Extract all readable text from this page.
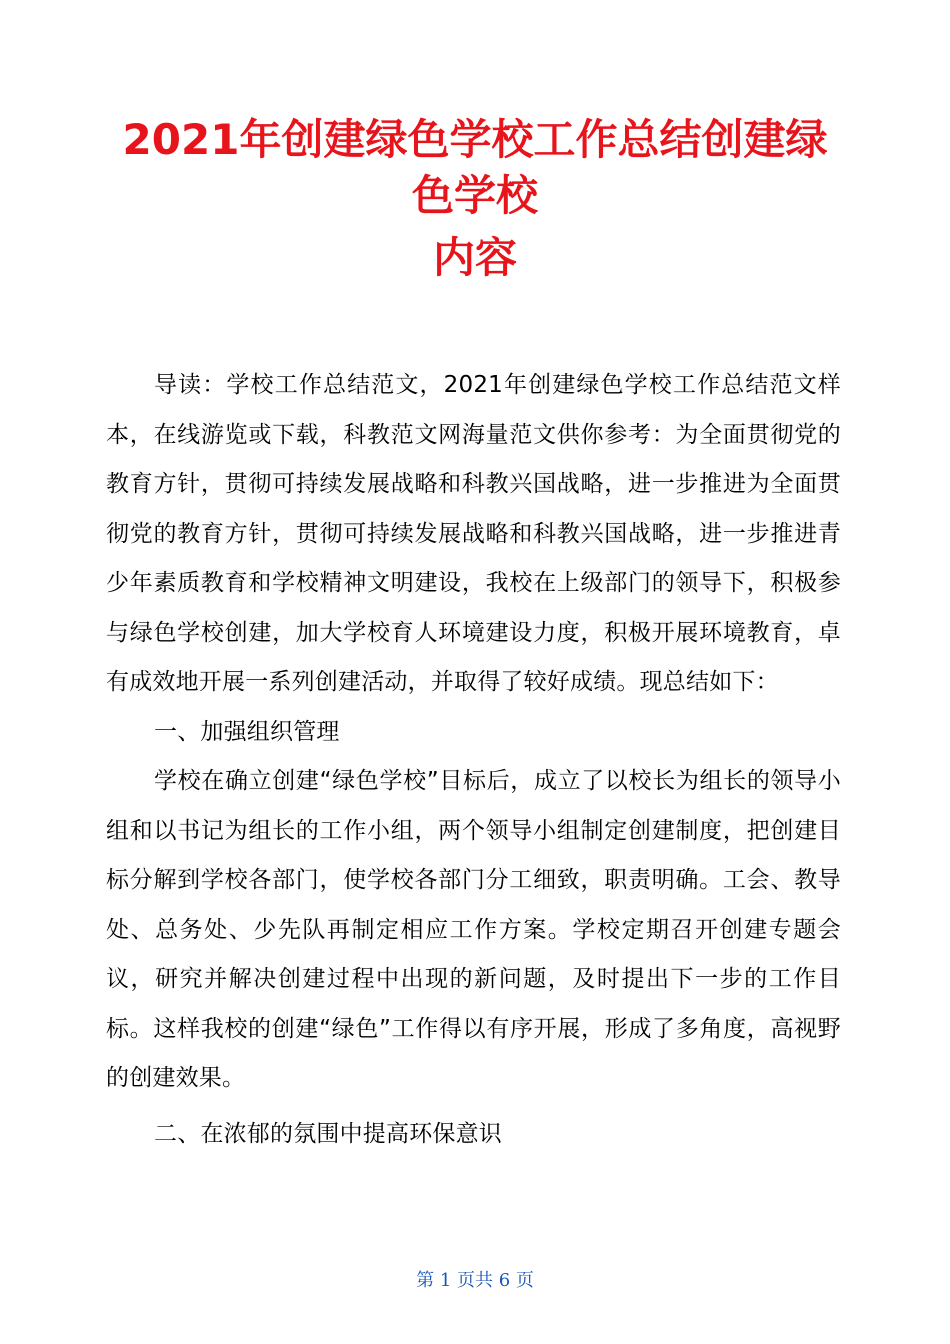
2021年创建绿色学校工作总结创建绿
色学校
内容

导读：学校工作总结范文，2021年创建绿色学校工作总结范文样本，在线游览或下载，科教范文网海量范文供你参考：为全面贯彻党的教育方针，贯彻可持续发展战略和科教兴国战略，进一步推进为全面贯彻党的教育方针，贯彻可持续发展战略和科教兴国战略，进一步推进青少年素质教育和学校精神文明建设，我校在上级部门的领导下，积极参与绿色学校创建，加大学校育人环境建设力度，积极开展环境教育，卓有成效地开展一系列创建活动，并取得了较好成绩。现总结如下：

一、加强组织管理

学校在确立创建“绿色学校”目标后，成立了以校长为组长的领导小组和以书记为组长的工作小组，两个领导小组制定创建制度，把创建目标分解到学校各部门，使学校各部门分工细致，职责明确。工会、教导处、总务处、少先队再制定相应工作方案。学校定期召开创建专题会议，研究并解决创建过程中出现的新问题，及时提出下一步的工作目标。这样我校的创建“绿色”工作得以有序开展，形成了多角度，高视野的创建效果。

二、在浓郁的氛围中提高环保意识

第 1 页共 6 页
